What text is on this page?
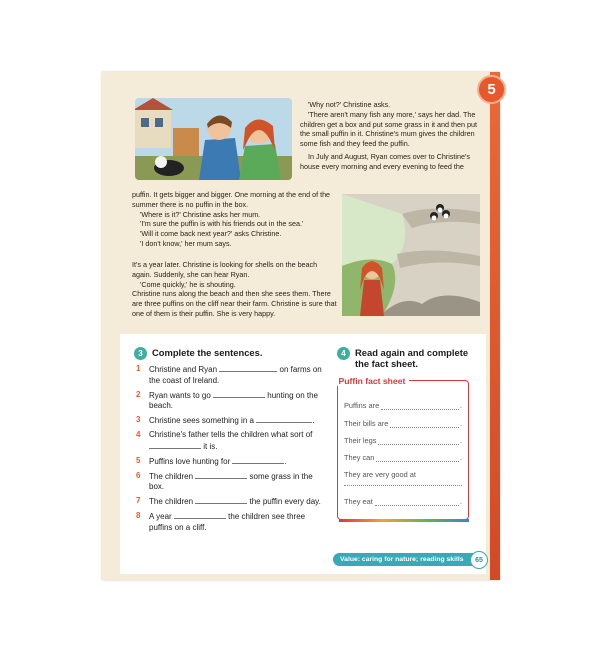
5

'Why not?' Christine asks.

'There aren't many fish any more,' says her dad. The children get a box and put some grass in it and then put the small puffin in it. Christine's mum gives the children some fish and they feed the puffin.

In July and August, Ryan comes over to Christine's house every morning and every evening to feed the

puffin. It gets bigger and bigger. One morning at the end of the summer there is no puffin in the box.

'Where is it?' Christine asks her mum.

'I'm sure the puffin is with his friends out in the sea.'

'Will it come back next year?' asks Christine.

'I don't know,' her mum says.

It's a year later. Christine is looking for shells on the beach again. Suddenly, she can hear Ryan.

'Come quickly,' he is shouting.

Christine runs along the beach and then she sees them. There are three puffins on the cliff near their farm. Christine is sure that one of them is their puffin. She is very happy.

3 Complete the sentences.
1	Christine and Ryan	on farms on the coast of Ireland.
2	Ryan wants to go	hunting on the beach.
3	Christine sees something in a	.
4	Christine's father tells the children what sort of  it is.
5	Puffins love hunting for	.
6	The children	some grass in the box.
7	The children	the puffin every day.
8	A year	the children see three puffins on a cliff.
4 Read again and complete the fact sheet.
Puffin fact sheet
Puffins are	.
Their bills are	.
Their legs	.
They can	.
They are very good at
They eat	.
Value: caring for nature; reading skills	65
